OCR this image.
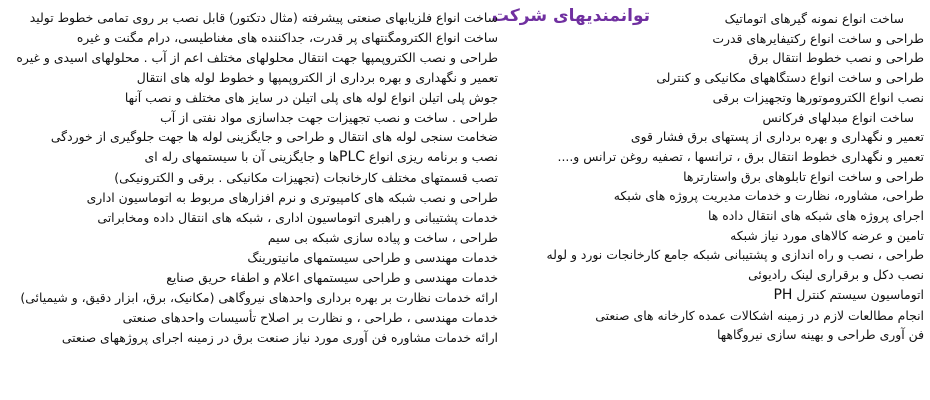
توانمندیهای شرکت	ساخت انواع نمونه گیرهای اتوماتیک
طراحی و ساخت انواع رکتیفایرهای قدرت
طراحی و نصب خطوط انتقال برق
طراحی و ساخت انواع دستگاههای مکانیکی و کنترلی
نصب انواع الکتروموتورها وتجهیزات برقی
ساخت انواع مبدلهای فرکانس
تعمیر و نگهداری و بهره برداری از پستهای برق فشار قوی
تعمیر و نگهداری خطوط انتقال برق ، ترانسها ، تصفیه روغن ترانس و....
طراحی و ساخت انواع تابلوهای برق واستارترها
طراحی، مشاوره، نظارت و خدمات مدیریت پروژه های شبکه
اجرای پروژه های شبکه های انتقال داده ها
تامین و عرضه کالاهای مورد نیاز شبکه
طراحی ، نصب و راه اندازی و پشتیبانی شبکه جامع کارخانجات نورد و لوله
نصب دکل و برقراری لینک رادیوئی
اتوماسیون سیستم کنترل PH
انجام مطالعات لازم در زمینه اشکالات عمده کارخانه های صنعتی
فن آوری طراحی و بهینه سازی نیروگاهها
ساخت انواع فلزیابهای صنعتی پیشرفته (مثال دتکتور) قابل نصب بر روی تمامی خطوط تولید
ساخت انواع الکترومگنتهای پر قدرت، جداکننده های مغناطیسی، درام مگنت و غیره
طراحی و نصب الکتروپمپها جهت انتقال محلولهای مختلف اعم از آب . محلولهای اسیدی و غیره
تعمیر و نگهداری و بهره برداری از الکتروپمپها و خطوط لوله های انتقال
جوش پلی اتیلن انواع لوله های پلی اتیلن در سایز های مختلف و نصب آنها
طراحی . ساخت و نصب تجهیزات جهت جداسازی مواد نفتی از آب
ضخامت سنجی لوله های انتقال و طراحی و جایگزینی لوله ها جهت جلوگیری از خوردگی
نصب و برنامه ریزی انواع PLCها و جایگزینی آن با سیستمهای رله ای
تصب قسمتهای مختلف کارخانجات (تجهیزات مکانیکی . برقی و الکترونیکی)
طراحی و نصب شبکه های کامپیوتری و نرم افزارهای مربوط به اتوماسیون اداری
خدمات پشتیبانی و راهبری اتوماسیون اداری ، شبکه های انتقال داده ومخابراتی
طراحی ، ساخت و پیاده سازی شبکه بی سیم
خدمات مهندسی و طراحی سیستمهای مانیتورینگ
خدمات مهندسی و طراحی سیستمهای اعلام و اطفاء حریق صنایع
ارائه خدمات نظارت بر بهره برداری واحدهای نیروگاهی (مکانیک، برق، ابزار دقیق، و شیمیائی)
خدمات مهندسی ، طراحی ، و نظارت بر اصلاح تأسیسات واحدهای صنعتی
ارائه خدمات مشاوره فن آوری مورد نیاز صنعت برق در زمینه اجرای پروژههای صنعتی
